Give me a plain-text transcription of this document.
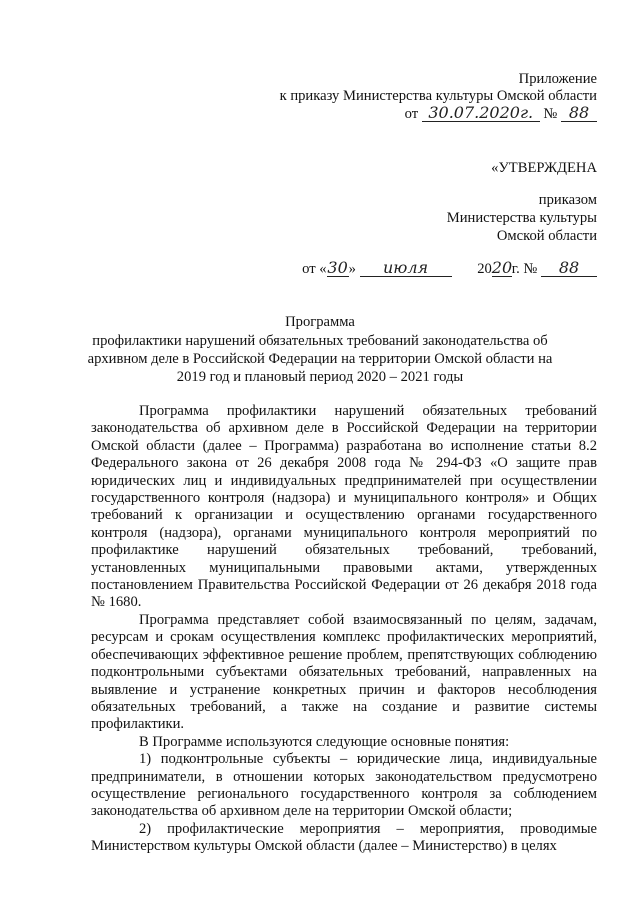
Приложение
к приказу Министерства культуры Омской области
от 30.07.2020г. № 88
«УТВЕРЖДЕНА
приказом
Министерства культуры
Омской области
от «30» июля	2020г. № 88
Программа
профилактики нарушений обязательных требований законодательства об
архивном деле в Российской Федерации на территории Омской области на
2019 год и плановый период 2020 – 2021 годы

Программа профилактики нарушений обязательных требований законодательства об архивном деле в Российской Федерации на территории Омской области (далее – Программа) разработана во исполнение статьи 8.2 Федерального закона от 26 декабря 2008 года № 294-ФЗ «О защите прав юридических лиц и индивидуальных предпринимателей при осуществлении государственного контроля (надзора) и муниципального контроля» и Общих требований к организации и осуществлению органами государственного контроля (надзора), органами муниципального контроля мероприятий по профилактике нарушений обязательных требований, требований, установленных муниципальными правовыми актами, утвержденных постановлением Правительства Российской Федерации от 26 декабря 2018 года № 1680.

Программа представляет собой взаимосвязанный по целям, задачам, ресурсам и срокам осуществления комплекс профилактических мероприятий, обеспечивающих эффективное решение проблем, препятствующих соблюдению подконтрольными субъектами обязательных требований, направленных на выявление и устранение конкретных причин и факторов несоблюдения обязательных требований, а также на создание и развитие системы профилактики.

В Программе используются следующие основные понятия:

1) подконтрольные субъекты – юридические лица, индивидуальные предприниматели, в отношении которых законодательством предусмотрено осуществление регионального государственного контроля за соблюдением законодательства об архивном деле на территории Омской области;

2) профилактические мероприятия – мероприятия, проводимые Министерством культуры Омской области (далее – Министерство) в целях
